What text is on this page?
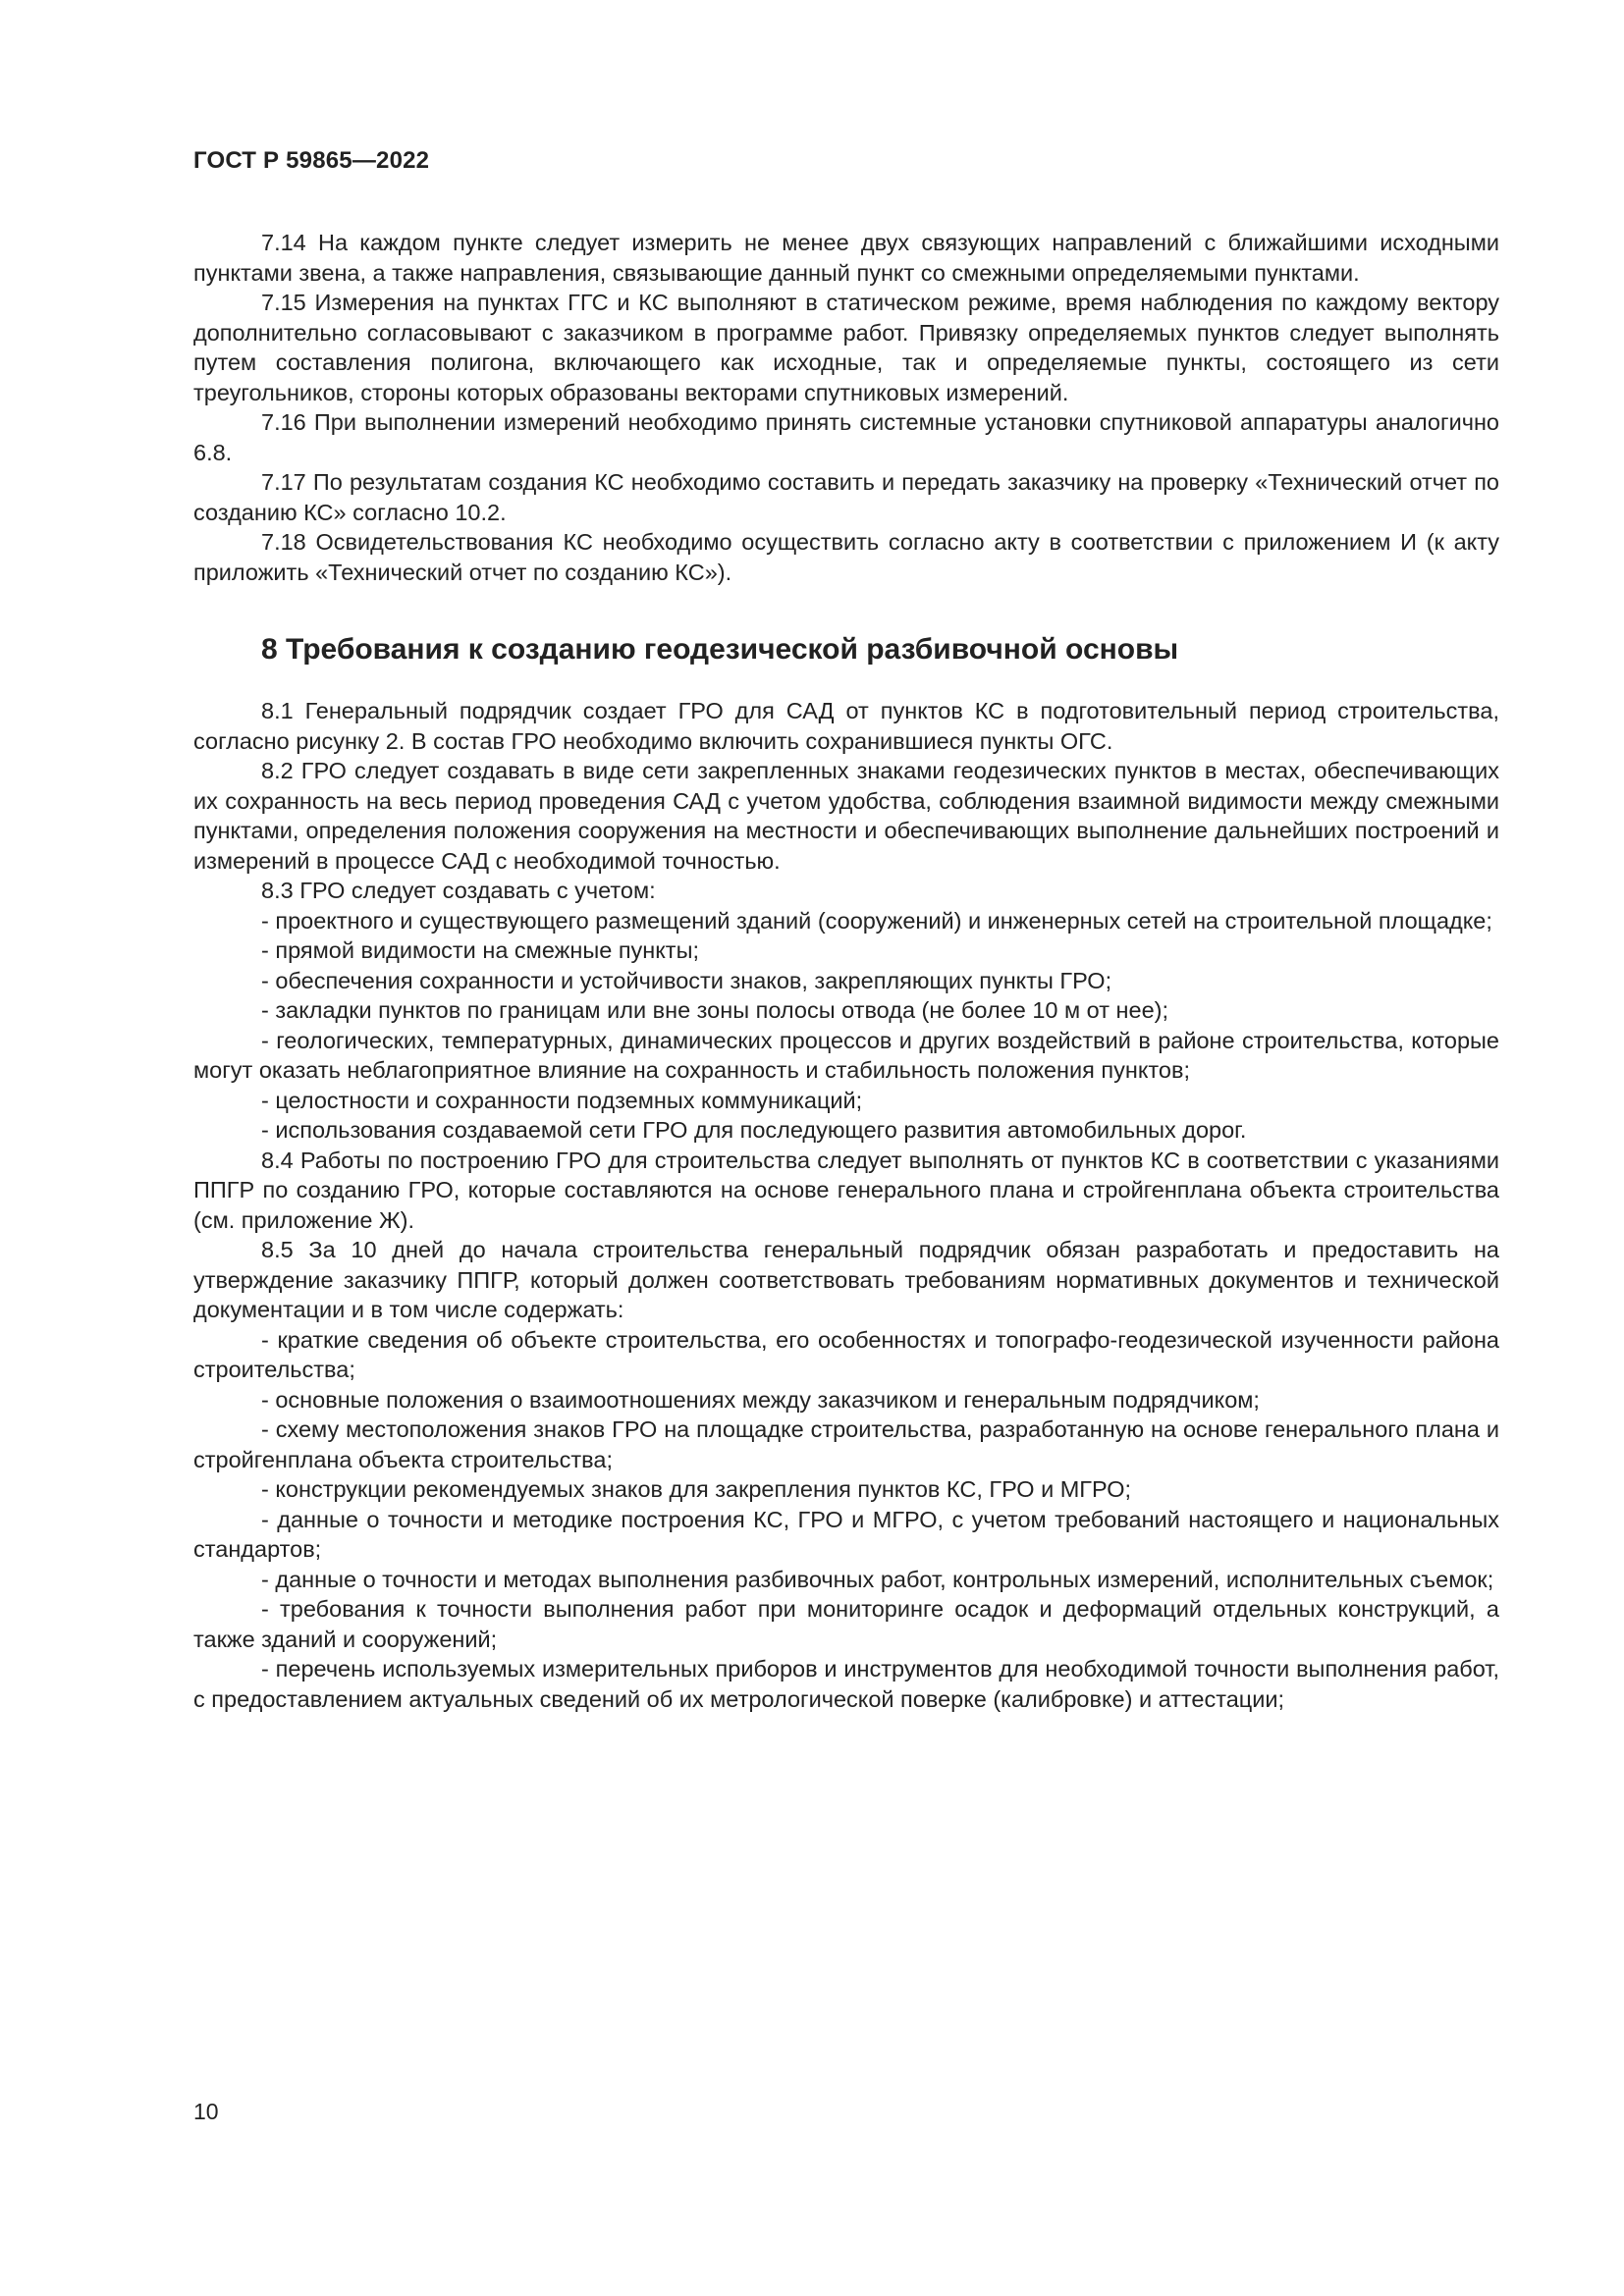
ГОСТ Р 59865—2022

7.14 На каждом пункте следует измерить не менее двух связующих направлений с ближайшими исходными пунктами звена, а также направления, связывающие данный пункт со смежными определяемыми пунктами.

7.15 Измерения на пунктах ГГС и КС выполняют в статическом режиме, время наблюдения по каждому вектору дополнительно согласовывают с заказчиком в программе работ. Привязку определяемых пунктов следует выполнять путем составления полигона, включающего как исходные, так и определяемые пункты, состоящего из сети треугольников, стороны которых образованы векторами спутниковых измерений.

7.16 При выполнении измерений необходимо принять системные установки спутниковой аппаратуры аналогично 6.8.

7.17 По результатам создания КС необходимо составить и передать заказчику на проверку «Технический отчет по созданию КС» согласно 10.2.

7.18 Освидетельствования КС необходимо осуществить согласно акту в соответствии с приложением И (к акту приложить «Технический отчет по созданию КС»).

8 Требования к созданию геодезической разбивочной основы

8.1 Генеральный подрядчик создает ГРО для САД от пунктов КС в подготовительный период строительства, согласно рисунку 2. В состав ГРО необходимо включить сохранившиеся пункты ОГС.

8.2 ГРО следует создавать в виде сети закрепленных знаками геодезических пунктов в местах, обеспечивающих их сохранность на весь период проведения САД с учетом удобства, соблюдения взаимной видимости между смежными пунктами, определения положения сооружения на местности и обеспечивающих выполнение дальнейших построений и измерений в процессе САД с необходимой точностью.

8.3 ГРО следует создавать с учетом:

- проектного и существующего размещений зданий (сооружений) и инженерных сетей на строительной площадке;

- прямой видимости на смежные пункты;

- обеспечения сохранности и устойчивости знаков, закрепляющих пункты ГРО;

- закладки пунктов по границам или вне зоны полосы отвода (не более 10 м от нее);

- геологических, температурных, динамических процессов и других воздействий в районе строительства, которые могут оказать неблагоприятное влияние на сохранность и стабильность положения пунктов;

- целостности и сохранности подземных коммуникаций;

- использования создаваемой сети ГРО для последующего развития автомобильных дорог.

8.4 Работы по построению ГРО для строительства следует выполнять от пунктов КС в соответствии с указаниями ППГР по созданию ГРО, которые составляются на основе генерального плана и стройгенплана объекта строительства (см. приложение Ж).

8.5 За 10 дней до начала строительства генеральный подрядчик обязан разработать и предоставить на утверждение заказчику ППГР, который должен соответствовать требованиям нормативных документов и технической документации и в том числе содержать:

- краткие сведения об объекте строительства, его особенностях и топографо-геодезической изученности района строительства;

- основные положения о взаимоотношениях между заказчиком и генеральным подрядчиком;

- схему местоположения знаков ГРО на площадке строительства, разработанную на основе генерального плана и стройгенплана объекта строительства;

- конструкции рекомендуемых знаков для закрепления пунктов КС, ГРО и МГРО;

- данные о точности и методике построения КС, ГРО и МГРО, с учетом требований настоящего и национальных стандартов;

- данные о точности и методах выполнения разбивочных работ, контрольных измерений, исполнительных съемок;

- требования к точности выполнения работ при мониторинге осадок и деформаций отдельных конструкций, а также зданий и сооружений;

- перечень используемых измерительных приборов и инструментов для необходимой точности выполнения работ, с предоставлением актуальных сведений об их метрологической поверке (калибровке) и аттестации;

10
